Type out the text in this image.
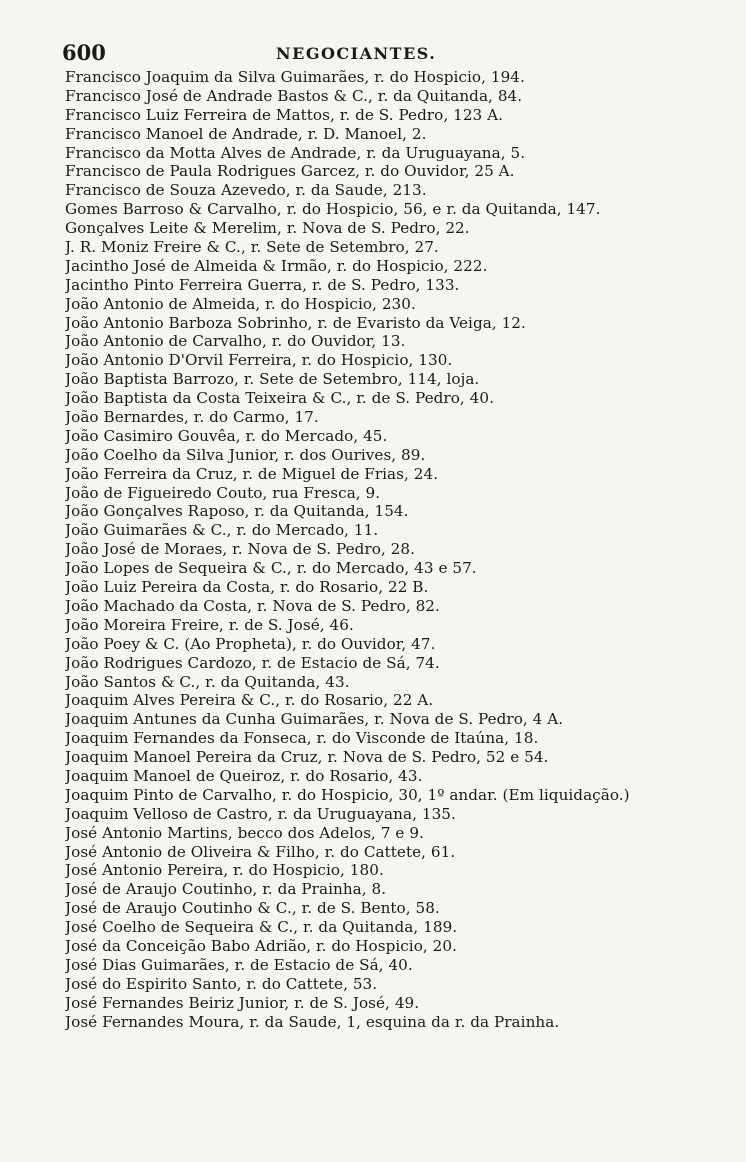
600	NEGOCIANTES.
Francisco Joaquim da Silva Guimarães, r. do Hospicio, 194.
Francisco José de Andrade Bastos & C., r. da Quitanda, 84.
Francisco Luiz Ferreira de Mattos, r. de S. Pedro, 123 A.
Francisco Manoel de Andrade, r. D. Manoel, 2.
Francisco da Motta Alves de Andrade, r. da Uruguayana, 5.
Francisco de Paula Rodrigues Garcez, r. do Ouvidor, 25 A.
Francisco de Souza Azevedo, r. da Saude, 213.
Gomes Barroso & Carvalho, r. do Hospicio, 56, e r. da Quitanda, 147.
Gonçalves Leite & Merelim, r. Nova de S. Pedro, 22.
J. R. Moniz Freire & C., r. Sete de Setembro, 27.
Jacintho José de Almeida & Irmão, r. do Hospicio, 222.
Jacintho Pinto Ferreira Guerra, r. de S. Pedro, 133.
João Antonio de Almeida, r. do Hospicio, 230.
João Antonio Barboza Sobrinho, r. de Evaristo da Veiga, 12.
João Antonio de Carvalho, r. do Ouvidor, 13.
João Antonio D'Orvil Ferreira, r. do Hospicio, 130.
João Baptista Barrozo, r. Sete de Setembro, 114, loja.
João Baptista da Costa Teixeira & C., r. de S. Pedro, 40.
João Bernardes, r. do Carmo, 17.
João Casimiro Gouvêa, r. do Mercado, 45.
João Coelho da Silva Junior, r. dos Ourives, 89.
João Ferreira da Cruz, r. de Miguel de Frias, 24.
João de Figueiredo Couto, rua Fresca, 9.
João Gonçalves Raposo, r. da Quitanda, 154.
João Guimarães & C., r. do Mercado, 11.
João José de Moraes, r. Nova de S. Pedro, 28.
João Lopes de Sequeira & C., r. do Mercado, 43 e 57.
João Luiz Pereira da Costa, r. do Rosario, 22 B.
João Machado da Costa, r. Nova de S. Pedro, 82.
João Moreira Freire, r. de S. José, 46.
João Poey & C. (Ao Propheta), r. do Ouvidor, 47.
João Rodrigues Cardozo, r. de Estacio de Sá, 74.
João Santos & C., r. da Quitanda, 43.
Joaquim Alves Pereira & C., r. do Rosario, 22 A.
Joaquim Antunes da Cunha Guimarães, r. Nova de S. Pedro, 4 A.
Joaquim Fernandes da Fonseca, r. do Visconde de Itaúna, 18.
Joaquim Manoel Pereira da Cruz, r. Nova de S. Pedro, 52 e 54.
Joaquim Manoel de Queiroz, r. do Rosario, 43.
Joaquim Pinto de Carvalho, r. do Hospicio, 30, 1º andar. (Em liquidação.)
Joaquim Velloso de Castro, r. da Uruguayana, 135.
José Antonio Martins, becco dos Adelos, 7 e 9.
José Antonio de Oliveira & Filho, r. do Cattete, 61.
José Antonio Pereira, r. do Hospicio, 180.
José de Araujo Coutinho, r. da Prainha, 8.
José de Araujo Coutinho & C., r. de S. Bento, 58.
José Coelho de Sequeira & C., r. da Quitanda, 189.
José da Conceição Babo Adrião, r. do Hospicio, 20.
José Dias Guimarães, r. de Estacio de Sá, 40.
José do Espirito Santo, r. do Cattete, 53.
José Fernandes Beiriz Junior, r. de S. José, 49.
José Fernandes Moura, r. da Saude, 1, esquina da r. da Prainha.
